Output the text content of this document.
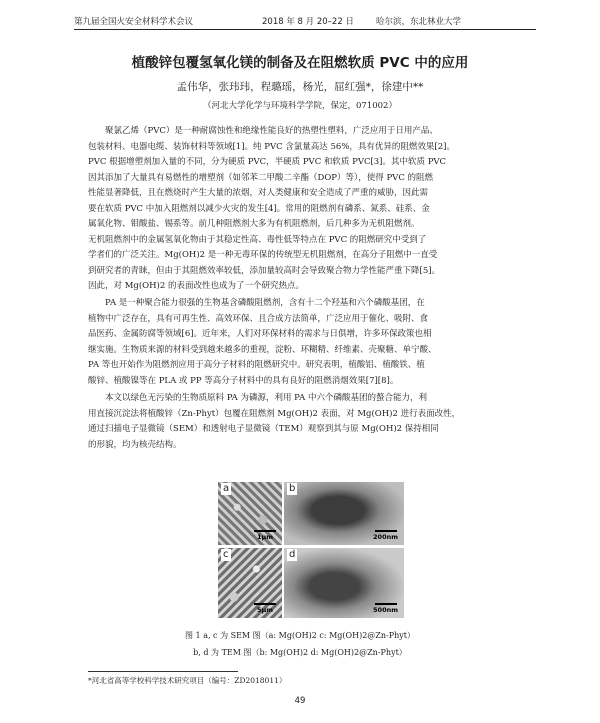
第九届全国火安全材料学术会议	2018 年 8 月 20–22 日	哈尔滨，东北林业大学
植酸锌包覆氢氧化镁的制备及在阻燃软质 PVC 中的应用
孟伟华，张玮玮，程璐瑶，杨光，屈红强*，徐建中**
（河北大学化学与环境科学学院，保定，071002）
聚氯乙烯（PVC）是一种耐腐蚀性和绝缘性能良好的热塑性塑料，广泛应用于日用产品、
包装材料、电器电缆、装饰材料等领域[1]。纯 PVC 含氯量高达 56%，具有优异的阻燃效果[2]。
PVC 根据增塑剂加入量的不同，分为硬质 PVC，半硬质 PVC 和软质 PVC[3]。其中软质 PVC
因其添加了大量具有易燃性的增塑剂（如邻苯二甲酸二辛酯（DOP）等），使得 PVC 的阻燃
性能显著降低，且在燃烧时产生大量的浓烟，对人类健康和安全造成了严重的威胁，因此需
要在软质 PVC 中加入阻燃剂以减少火灾的发生[4]。常用的阻燃剂有磷系、氮系、硅系、金
属氧化物、钼酸盐、锡系等。前几种阻燃剂大多为有机阻燃剂，后几种多为无机阻燃剂。
无机阻燃剂中的金属氢氧化物由于其稳定性高、毒性低等特点在 PVC 的阻燃研究中受到了
学者们的广泛关注。Mg(OH)2 是一种无毒环保的传统型无机阻燃剂，在高分子阻燃中一直受
到研究者的青睐，但由于其阻燃效率较低，添加量较高时会导致聚合物力学性能严重下降[5]。
因此，对 Mg(OH)2 的表面改性也成为了一个研究热点。
PA 是一种聚合能力很强的生物基含磷酸阻燃剂，含有十二个羟基和六个磷酸基团，在
植物中广泛存在，具有可再生性、高效环保、且合成方法简单，广泛应用于催化、吸附、食
品医药、金属防腐等领域[6]。近年来，人们对环保材料的需求与日俱增，许多环保政策也相
继实施。生物质来源的材料受到越来越多的重视，淀粉、环糊精、纤维素、壳聚糖、单宁酸、
PA 等也开始作为阻燃剂应用于高分子材料的阻燃研究中。研究表明，植酸铝、植酸铁、植
酸锌、植酸镍等在 PLA 或 PP 等高分子材料中的具有良好的阻燃消烟效果[7][8]。
本文以绿色无污染的生物质原料 PA 为磷源，利用 PA 中六个磷酸基团的螯合能力，利
用直接沉淀法将植酸锌（Zn-Phyt）包覆在阻燃剂 Mg(OH)2 表面，对 Mg(OH)2 进行表面改性，
通过扫描电子显微镜（SEM）和透射电子显微镜（TEM）观察到其与原 Mg(OH)2 保持相同
的形貌，均为核壳结构。
a
1μm
b
200nm
c
5μm
d
500nm
图 1 a, c 为 SEM 图（a: Mg(OH)2 c: Mg(OH)2@Zn-Phyt）
b, d 为 TEM 图（b: Mg(OH)2 d: Mg(OH)2@Zn-Phyt）
*河北省高等学校科学技术研究项目（编号：ZD2018011）
49
